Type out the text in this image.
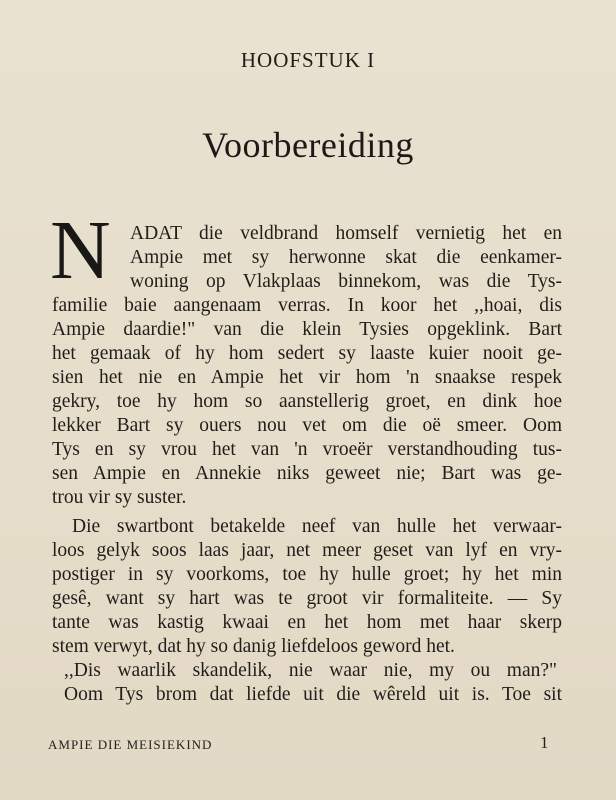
HOOFSTUK I
Voorbereiding
N ADAT die veldbrand homself vernietig het en
Ampie met sy herwonne skat die eenkamer-
woning op Vlakplaas binnekom, was die Tys-
familie baie aangenaam verras. In koor het ,,hoai, dis
Ampie daardie!" van die klein Tysies opgeklink. Bart
het gemaak of hy hom sedert sy laaste kuier nooit ge-
sien het nie en Ampie het vir hom 'n snaakse respek
gekry, toe hy hom so aanstellerig groet, en dink hoe
lekker Bart sy ouers nou vet om die oë smeer. Oom
Tys en sy vrou het van 'n vroeër verstandhouding tus-
sen Ampie en Annekie niks geweet nie; Bart was ge-
trou vir sy suster.
Die swartbont betakelde neef van hulle het verwaar-
loos gelyk soos laas jaar, net meer geset van lyf en vry-
postiger in sy voorkoms, toe hy hulle groet; hy het min
gesê, want sy hart was te groot vir formaliteite. — Sy
tante was kastig kwaai en het hom met haar skerp
stem verwyt, dat hy so danig liefdeloos geword het.
,,Dis waarlik skandelik, nie waar nie, my ou man?"
Oom Tys brom dat liefde uit die wêreld uit is. Toe sit
AMPIE DIE MEISIEKIND	1
